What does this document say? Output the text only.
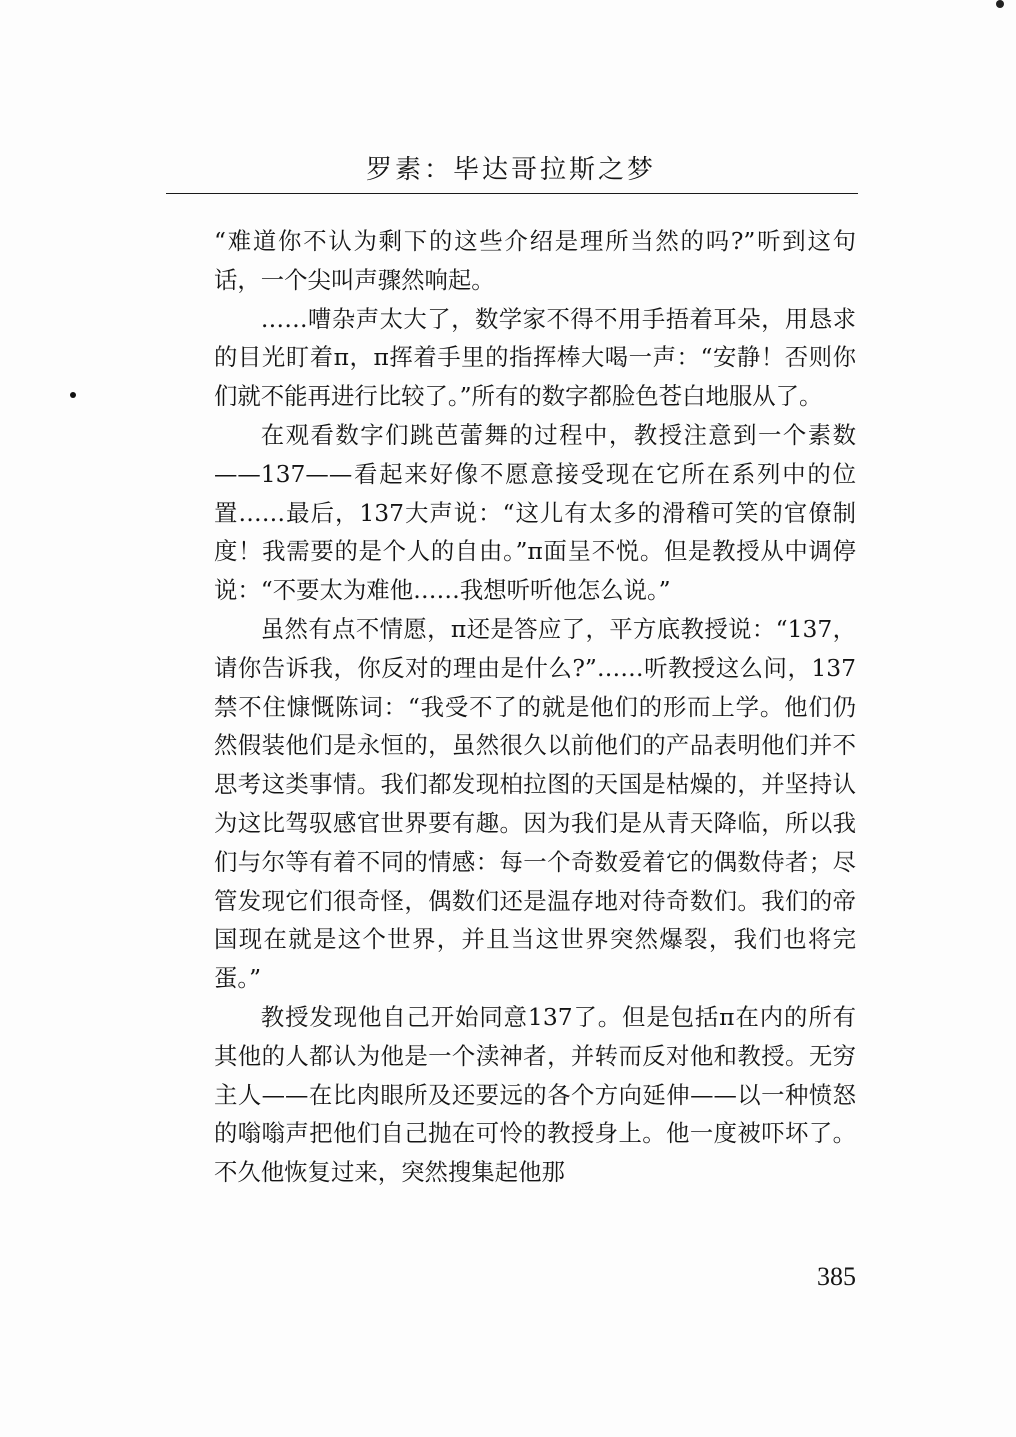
罗素：毕达哥拉斯之梦

“难道你不认为剩下的这些介绍是理所当然的吗?”听到这句话，一个尖叫声骤然响起。

……嘈杂声太大了，数学家不得不用手捂着耳朵，用恳求的目光盯着π，π挥着手里的指挥棒大喝一声：“安静！否则你们就不能再进行比较了。”所有的数字都脸色苍白地服从了。

在观看数字们跳芭蕾舞的过程中，教授注意到一个素数——137——看起来好像不愿意接受现在它所在系列中的位置……最后，137大声说：“这儿有太多的滑稽可笑的官僚制度！我需要的是个人的自由。”π面呈不悦。但是教授从中调停说：“不要太为难他……我想听听他怎么说。”

虽然有点不情愿，π还是答应了，平方底教授说：“137，请你告诉我，你反对的理由是什么?”……听教授这么问，137禁不住慷慨陈词：“我受不了的就是他们的形而上学。他们仍然假装他们是永恒的，虽然很久以前他们的产品表明他们并不思考这类事情。我们都发现柏拉图的天国是枯燥的，并坚持认为这比驾驭感官世界要有趣。因为我们是从青天降临，所以我们与尔等有着不同的情感：每一个奇数爱着它的偶数侍者；尽管发现它们很奇怪，偶数们还是温存地对待奇数们。我们的帝国现在就是这个世界，并且当这世界突然爆裂，我们也将完蛋。”

教授发现他自己开始同意137了。但是包括π在内的所有其他的人都认为他是一个渎神者，并转而反对他和教授。无穷主人——在比肉眼所及还要远的各个方向延伸——以一种愤怒的嗡嗡声把他们自己抛在可怜的教授身上。他一度被吓坏了。不久他恢复过来，突然搜集起他那

385
